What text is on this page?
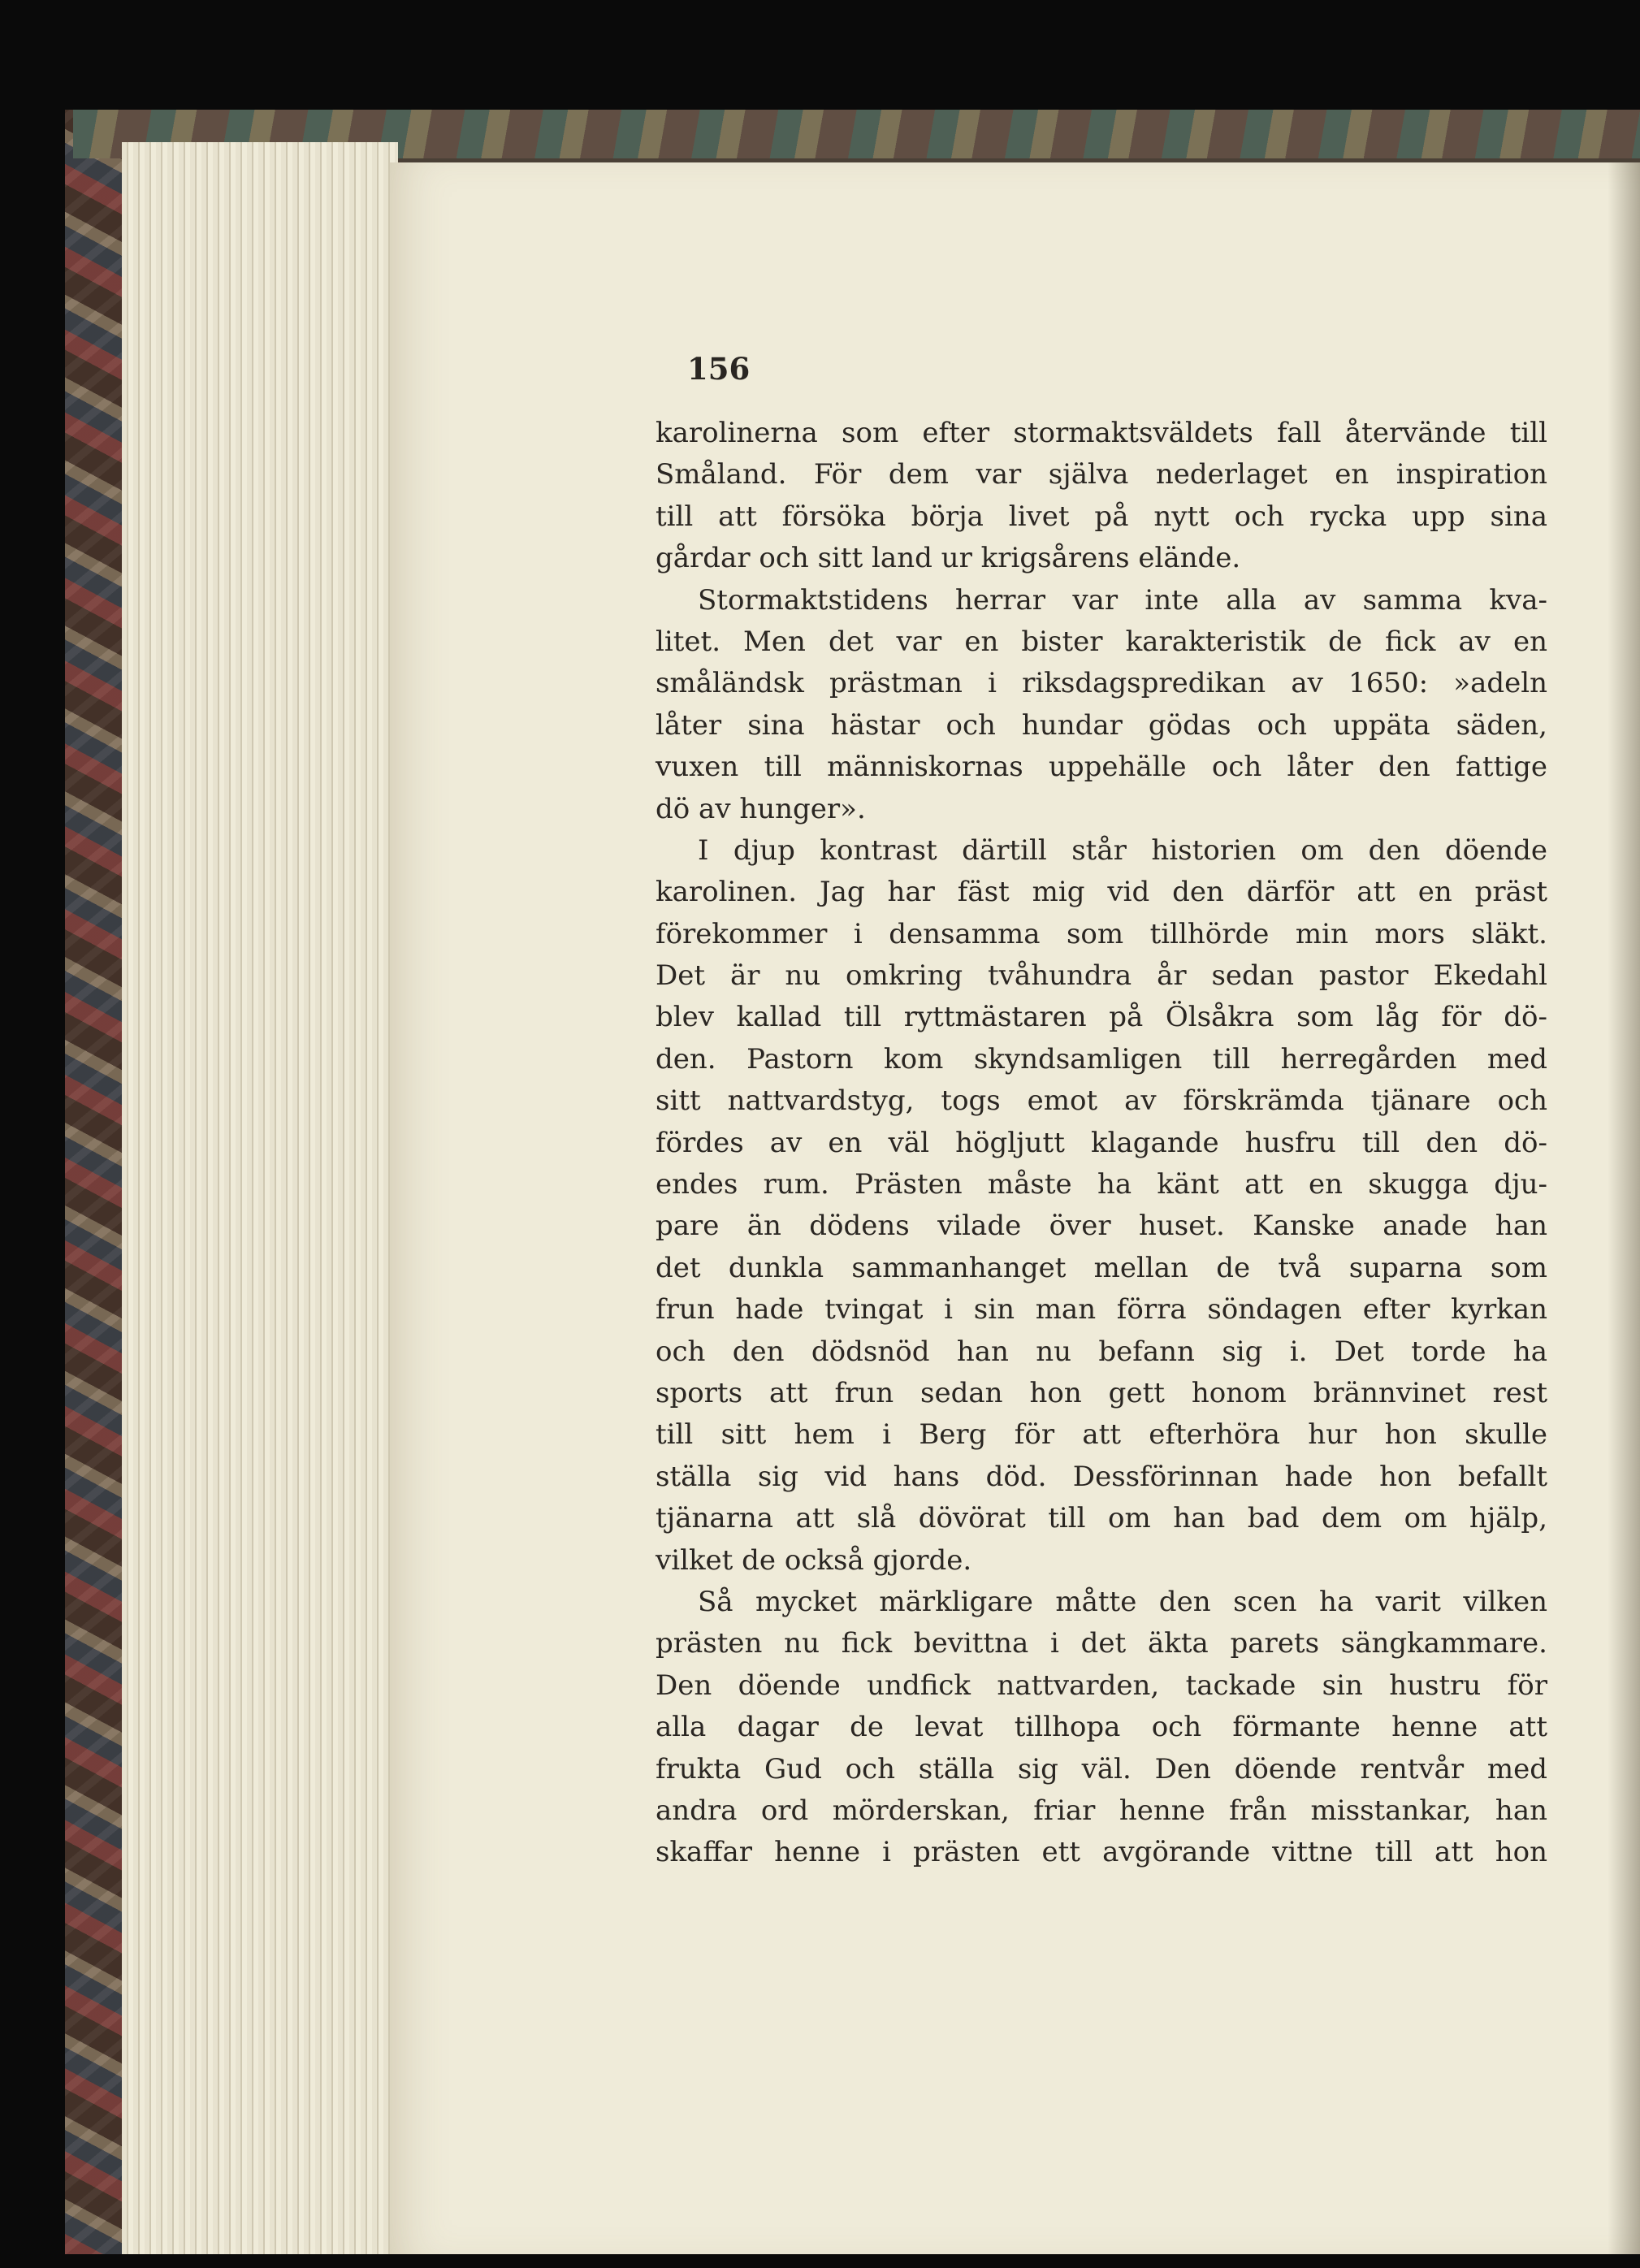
156
karolinerna som efter stormaktsväldets fall återvände till
Småland. För dem var själva nederlaget en inspiration
till att försöka börja livet på nytt och rycka upp sina
gårdar och sitt land ur krigsårens elände.
Stormaktstidens herrar var inte alla av samma kva-
litet. Men det var en bister karakteristik de fick av en
småländsk prästman i riksdagspredikan av 1650: »adeln
låter sina hästar och hundar gödas och uppäta säden,
vuxen till människornas uppehälle och låter den fattige
dö av hunger».
I djup kontrast därtill står historien om den döende
karolinen. Jag har fäst mig vid den därför att en präst
förekommer i densamma som tillhörde min mors släkt.
Det är nu omkring tvåhundra år sedan pastor Ekedahl
blev kallad till ryttmästaren på Ölsåkra som låg för dö-
den. Pastorn kom skyndsamligen till herregården med
sitt nattvardstyg, togs emot av förskrämda tjänare och
fördes av en väl högljutt klagande husfru till den dö-
endes rum. Prästen måste ha känt att en skugga dju-
pare än dödens vilade över huset. Kanske anade han
det dunkla sammanhanget mellan de två suparna som
frun hade tvingat i sin man förra söndagen efter kyrkan
och den dödsnöd han nu befann sig i. Det torde ha
sports att frun sedan hon gett honom brännvinet rest
till sitt hem i Berg för att efterhöra hur hon skulle
ställa sig vid hans död. Dessförinnan hade hon befallt
tjänarna att slå dövörat till om han bad dem om hjälp,
vilket de också gjorde.
Så mycket märkligare måtte den scen ha varit vilken
prästen nu fick bevittna i det äkta parets sängkammare.
Den döende undfick nattvarden, tackade sin hustru för
alla dagar de levat tillhopa och förmante henne att
frukta Gud och ställa sig väl. Den döende rentvår med
andra ord mörderskan, friar henne från misstankar, han
skaffar henne i prästen ett avgörande vittne till att hon
